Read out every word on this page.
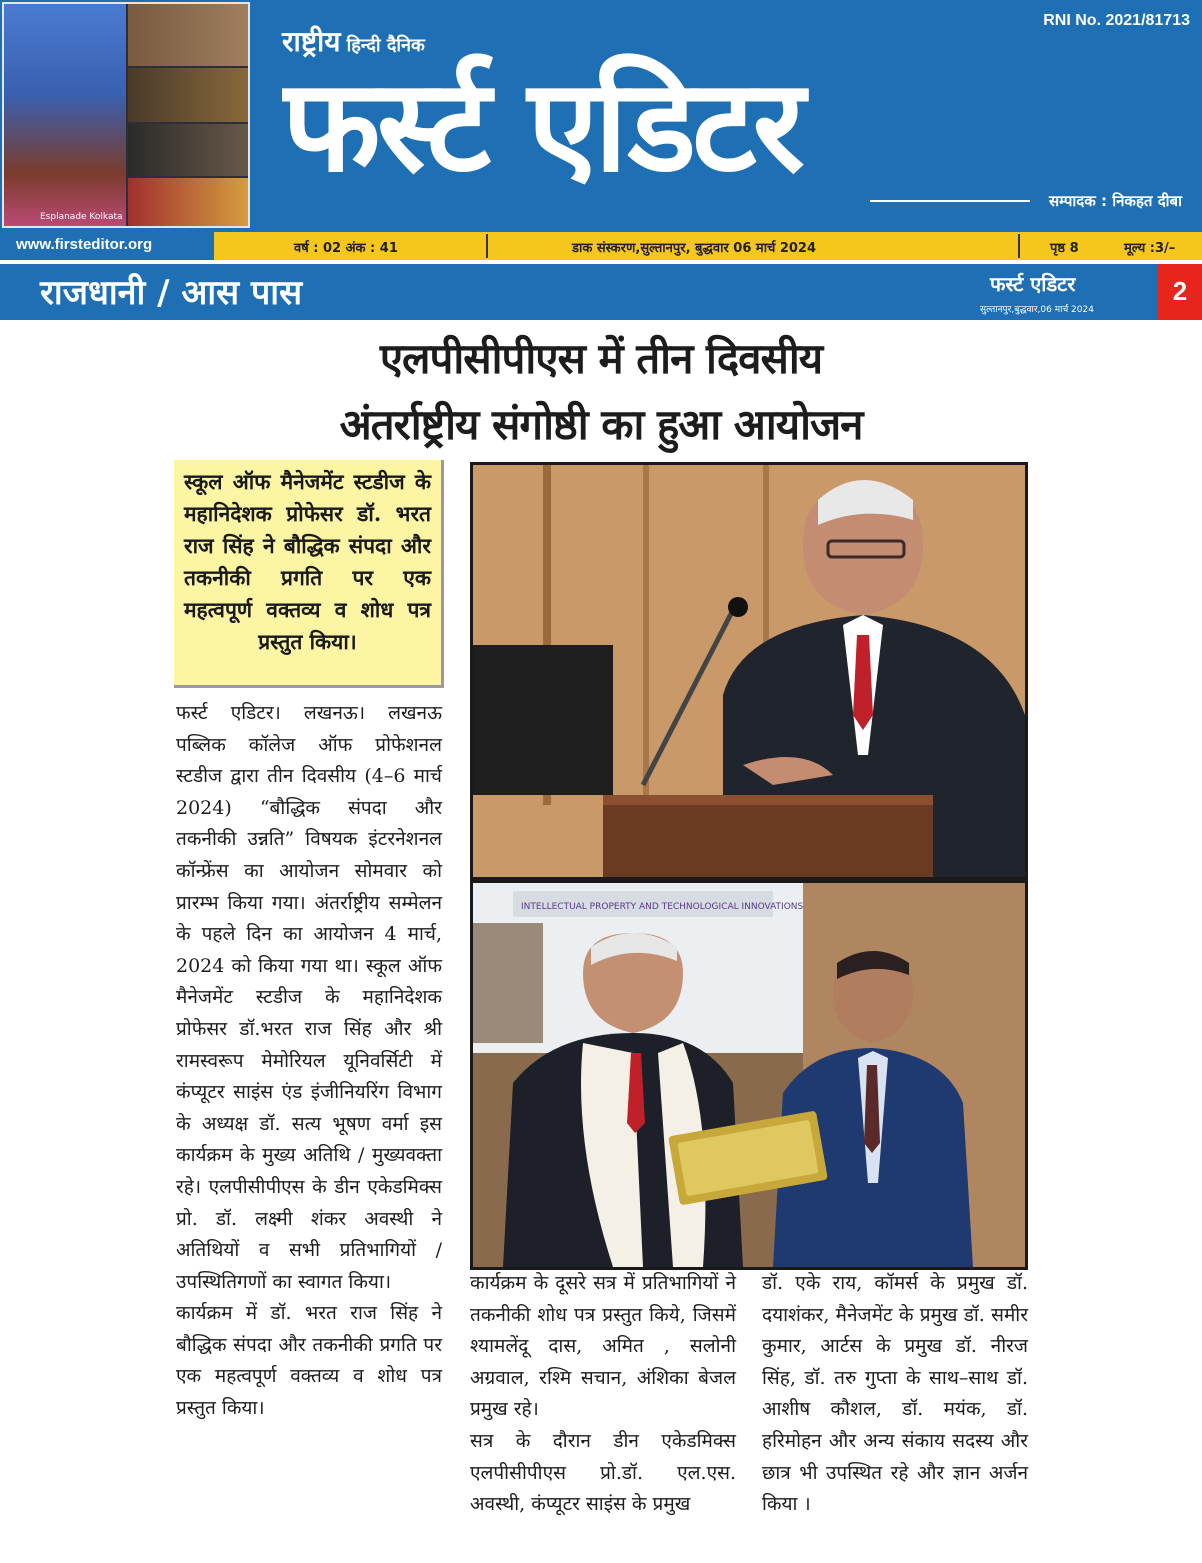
Esplanade Kolkata
राष्ट्रीय हिन्दी दैनिक
फर्स्ट एडिटर
RNI No. 2021/81713
सम्पादक : निकहत दीबा
www.firsteditor.org	वर्ष : 02 अंक : 41	डाक संस्करण,सुल्तानपुर, बुद्धवार 06 मार्च 2024	पृष्ठ 8	मूल्य :3/–
राजधानी / आस पास	फर्स्ट एडिटर
सुल्तानपुर,बुद्धवार,06 मार्च 2024
2
एलपीसीपीएस में तीन दिवसीय
अंतर्राष्ट्रीय संगोष्ठी का हुआ आयोजन
स्कूल ऑफ मैनेजमेंट स्टडीज के महानिदेशक प्रोफेसर डॉ. भरत राज सिंह ने बौद्धिक संपदा और तकनीकी प्रगति पर एक महत्वपूर्ण वक्तव्य व शोध पत्र प्रस्तुत किया।

फर्स्ट एडिटर। लखनऊ। लखनऊ पब्लिक कॉलेज ऑफ प्रोफेशनल स्टडीज द्वारा तीन दिवसीय (4–6 मार्च 2024) “बौद्धिक संपदा और तकनीकी उन्नति” विषयक इंटरनेशनल कॉन्फ्रेंस का आयोजन सोमवार को प्रारम्भ किया गया। अंतर्राष्ट्रीय सम्मेलन के पहले दिन का आयोजन 4 मार्च, 2024 को किया गया था। स्कूल ऑफ मैनेजमेंट स्टडीज के महानिदेशक प्रोफेसर डॉ.भरत राज सिंह और श्री रामस्वरूप मेमोरियल यूनिवर्सिटी में कंप्यूटर साइंस एंड इंजीनियरिंग विभाग के अध्यक्ष डॉ. सत्य भूषण वर्मा इस कार्यक्रम के मुख्य अतिथि / मुख्यवक्ता रहे। एलपीसीपीएस के डीन एकेडमिक्स प्रो. डॉ. लक्ष्मी शंकर अवस्थी ने अतिथियों व सभी प्रतिभागियों / उपस्थितिगणों का स्वागत किया।

कार्यक्रम में डॉ. भरत राज सिंह ने बौद्धिक संपदा और तकनीकी प्रगति पर एक महत्वपूर्ण वक्तव्य व शोध पत्र प्रस्तुत किया।

कार्यक्रम के दूसरे सत्र में प्रतिभागियों ने तकनीकी शोध पत्र प्रस्तुत किये, जिसमें श्यामलेंदू दास, अमित , सलोनी अग्रवाल, रश्मि सचान, अंशिका बेजल प्रमुख रहे।

सत्र के दौरान डीन एकेडमिक्स एलपीसीपीएस प्रो.डॉ. एल.एस. अवस्थी, कंप्यूटर साइंस के प्रमुख

डॉ. एके राय, कॉमर्स के प्रमुख डॉ. दयाशंकर, मैनेजमेंट के प्रमुख डॉ. समीर कुमार, आर्टस के प्रमुख डॉ. नीरज सिंह, डॉ. तरु गुप्ता के साथ–साथ डॉ. आशीष कौशल, डॉ. मयंक, डॉ. हरिमोहन और अन्य संकाय सदस्य और छात्र भी उपस्थित रहे और ज्ञान अर्जन किया ।

INTELLECTUAL PROPERTY AND TECHNOLOGICAL INNOVATIONS
